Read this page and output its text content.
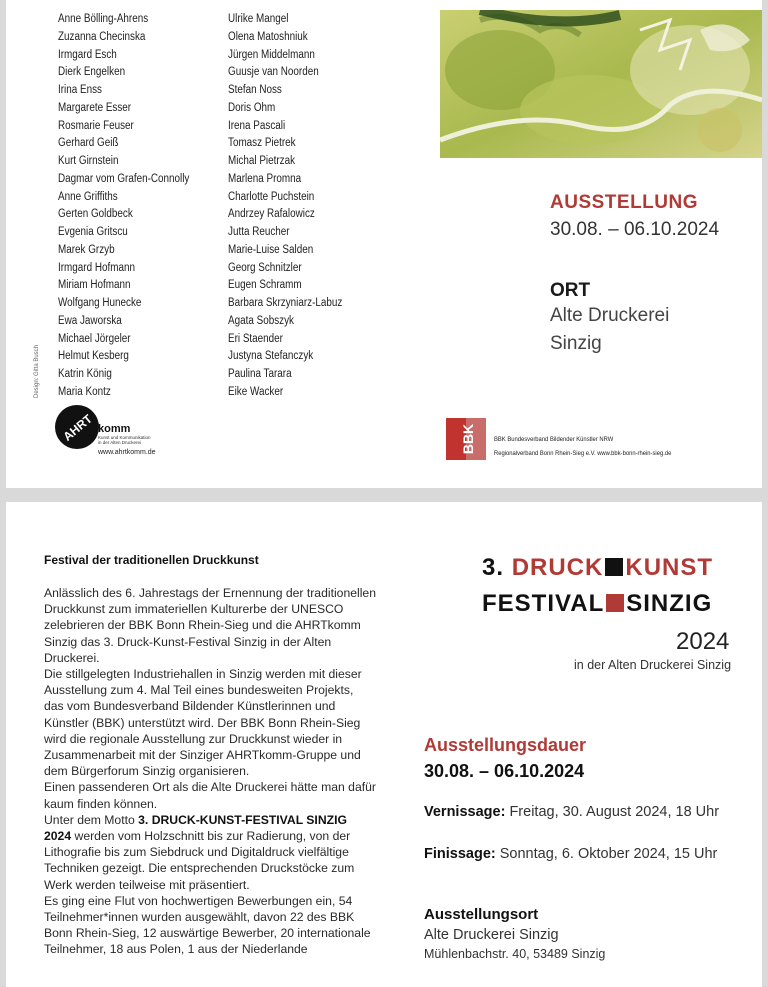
Anne Bölling-Ahrens
Zuzanna Checinska
Irmgard Esch
Dierk Engelken
Irina Enss
Margarete Esser
Rosmarie Feuser
Gerhard Geiß
Kurt Girnstein
Dagmar vom Grafen-Connolly
Anne Griffiths
Gerten Goldbeck
Evgenia Gritscu
Marek Grzyb
Irmgard Hofmann
Miriam Hofmann
Wolfgang Hunecke
Ewa Jaworska
Michael Jörgeler
Helmut Kesberg
Katrin König
Maria Kontz
Ulrike Mangel
Olena Matoshniuk
Jürgen Middelmann
Guusje van Noorden
Stefan Noss
Doris Ohm
Irena Pascali
Tomasz Pietrek
Michal Pietrzak
Marlena Promna
Charlotte Puchstein
Andrzey Rafalowicz
Jutta Reucher
Marie-Luise Salden
Georg Schnitzler
Eugen Schramm
Barbara Skrzyniarz-Labuz
Agata Sobszyk
Eri Staender
Justyna Stefanczyk
Paulina Tarara
Eike Wacker
AUSSTELLUNG
30.08. – 06.10.2024
ORT
Alte Druckerei
Sinzig
Design: Gitta Busch
AHRT komm
Kunst und Kommunikation
in der Alten Druckerei
www.ahrtkomm.de	BBK	BBK Bundesverband Bildender Künstler NRW
Regionalverband Bonn Rhein-Sieg e.V. www.bbk-bonn-rhein-sieg.de
Festival der traditionellen Druckkunst

Anlässlich des 6. Jahrestags der Ernennung der traditionellen Druckkunst zum immateriellen Kulturerbe der UNESCO zelebrieren der BBK Bonn Rhein-Sieg und die AHRTkomm Sinzig das 3. Druck-Kunst-Festival Sinzig in der Alten Druckerei.

Die stillgelegten Industriehallen in Sinzig werden mit dieser Ausstellung zum 4. Mal Teil eines bundesweiten Projekts, das vom Bundesverband Bildender Künstlerinnen und Künstler (BBK) unterstützt wird. Der BBK Bonn Rhein-Sieg wird die regionale Ausstellung zur Druckkunst wieder in Zusammenarbeit mit der Sinziger AHRTkomm-Gruppe und dem Bürgerforum Sinzig organisieren.

Einen passenderen Ort als die Alte Druckerei hätte man dafür kaum finden können.

Unter dem Motto 3. DRUCK-KUNST-FESTIVAL SINZIG 2024 werden vom Holzschnitt bis zur Radierung, von der Lithografie bis zum Siebdruck und Digitaldruck vielfältige Techniken gezeigt. Die entsprechenden Druckstöcke zum Werk werden teilweise mit präsentiert.

Es ging eine Flut von hochwertigen Bewerbungen ein, 54 Teilnehmer*innen wurden ausgewählt, davon 22 des BBK Bonn Rhein-Sieg, 12 auswärtige Bewerber, 20 internationale Teilnehmer, 18 aus Polen, 1 aus der Niederlande

3. DRUCK KUNST
FESTIVAL SINZIG
2024
in der Alten Druckerei Sinzig
Ausstellungsdauer
30.08. – 06.10.2024
Vernissage: Freitag, 30. August 2024, 18 Uhr
Finissage: Sonntag, 6. Oktober 2024, 15 Uhr
Ausstellungsort
Alte Druckerei Sinzig
Mühlenbachstr. 40, 53489 Sinzig
